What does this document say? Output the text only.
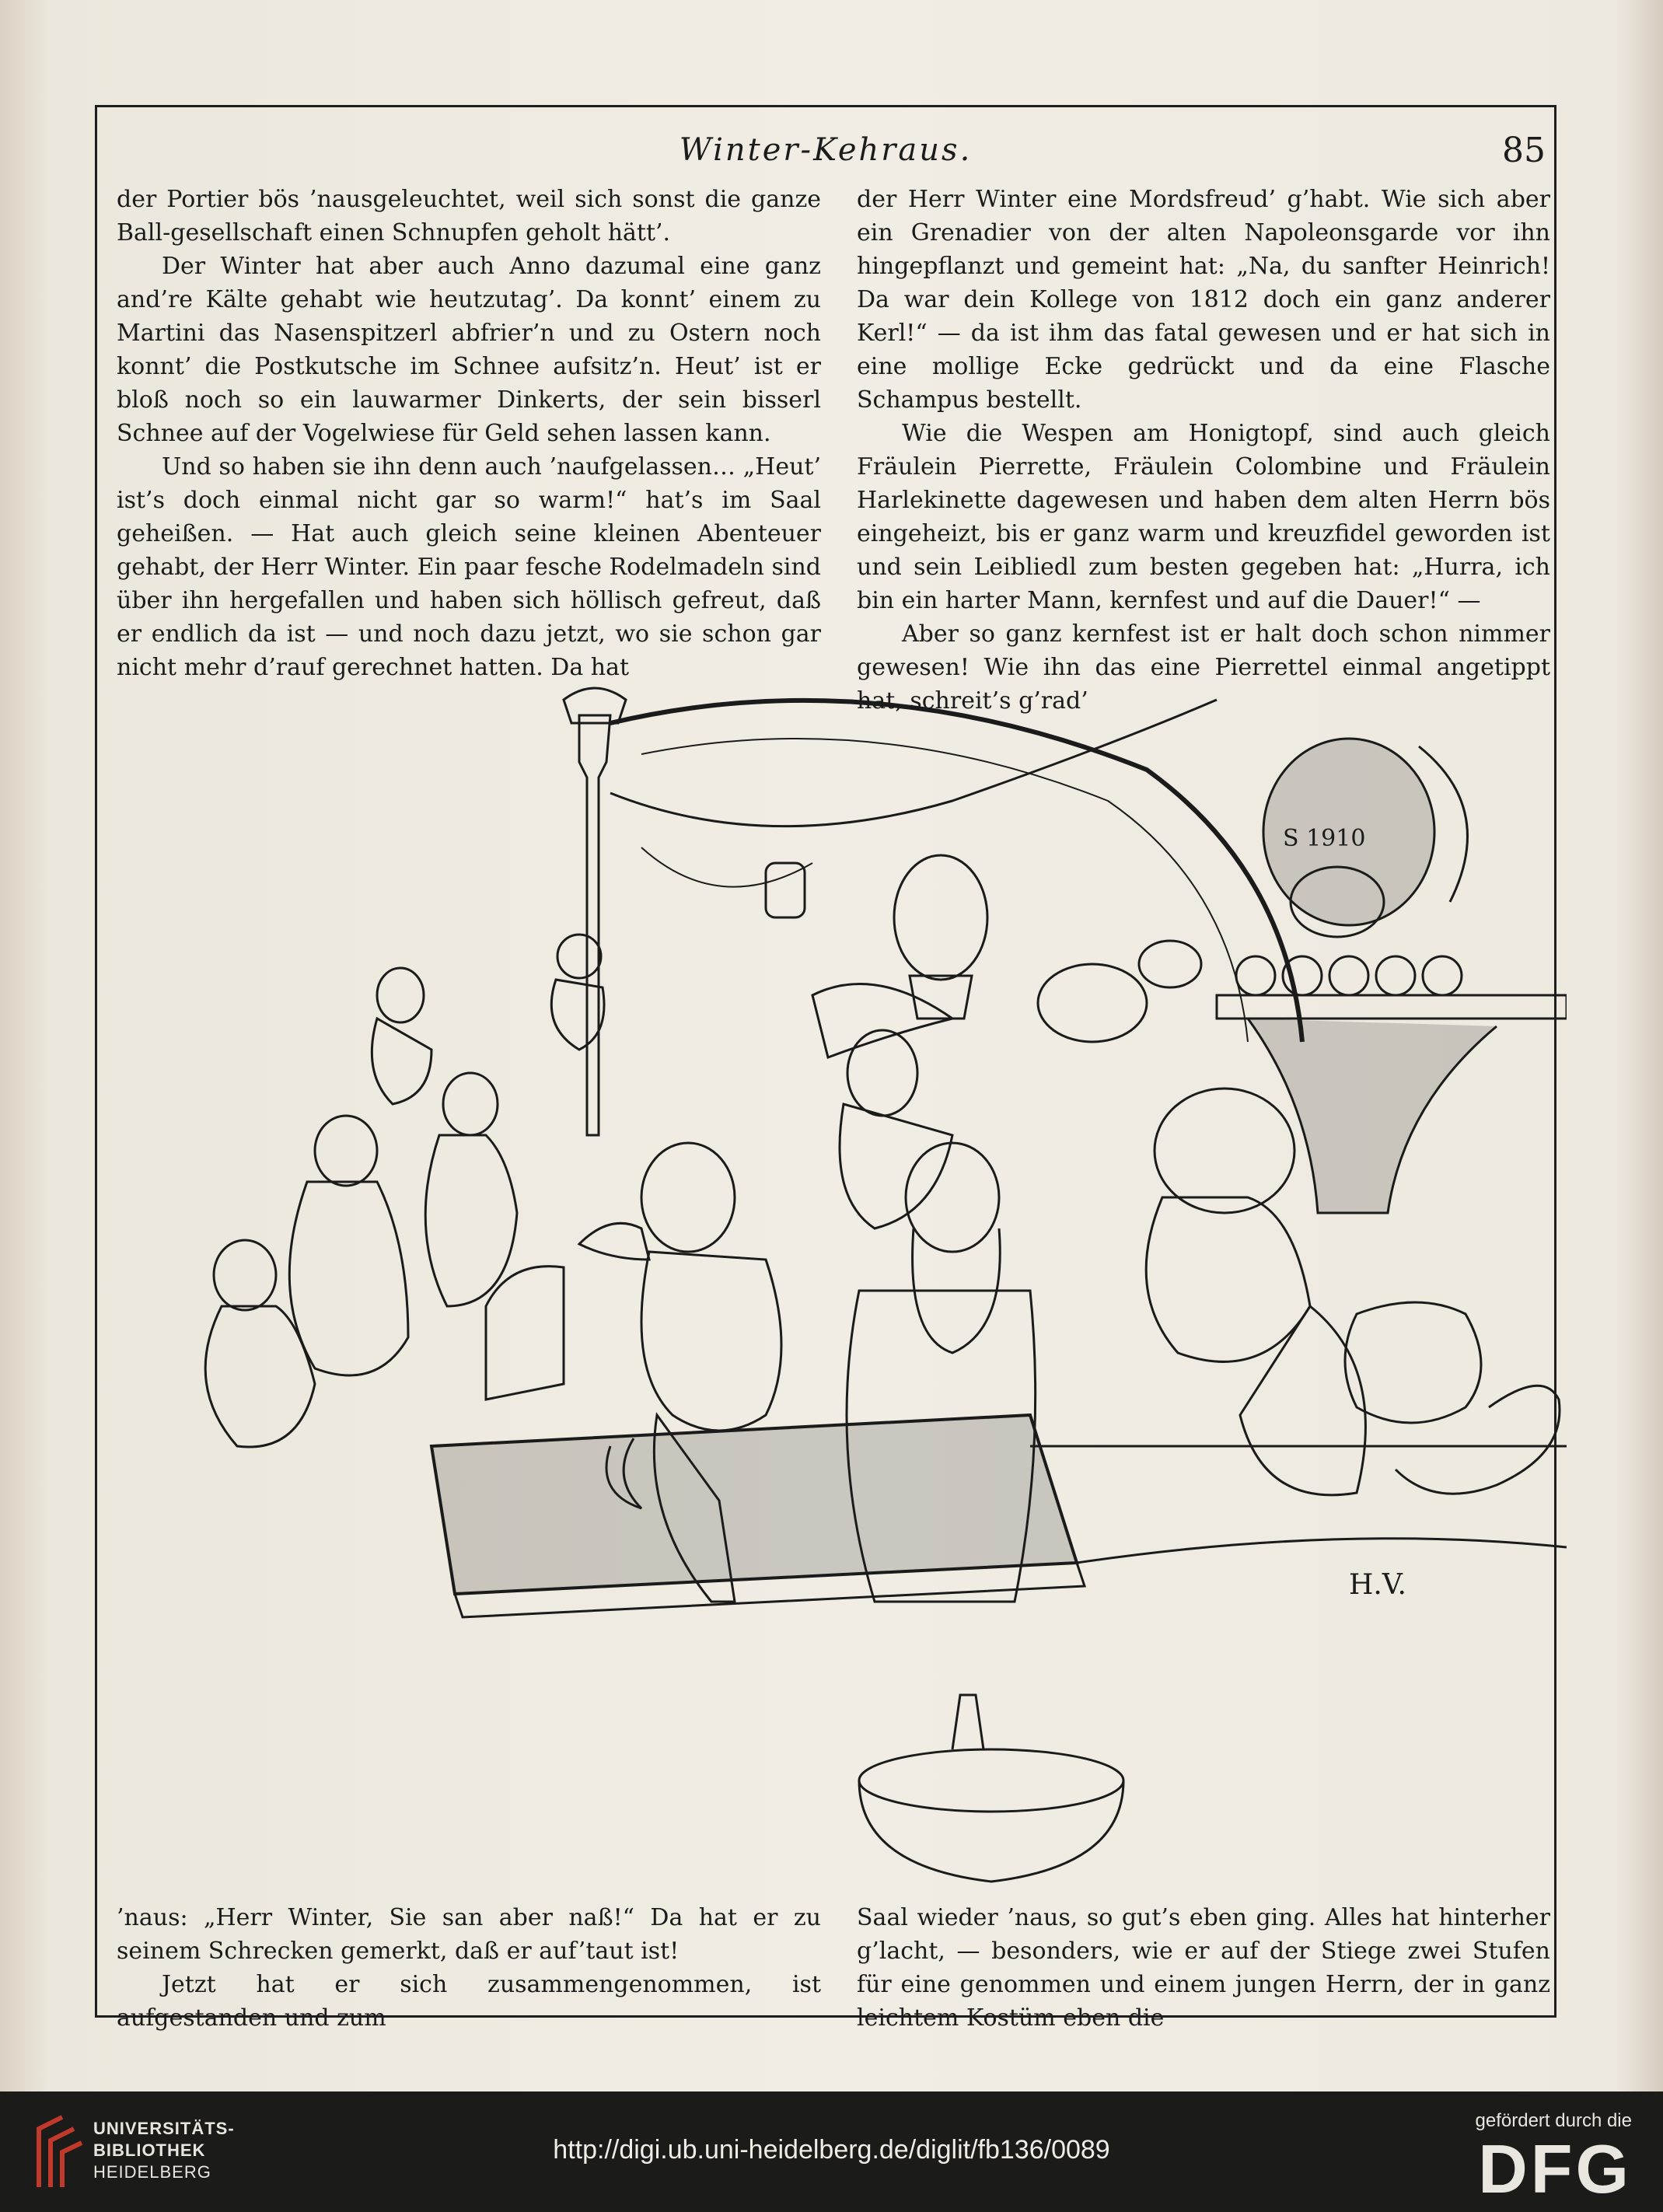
Winter-Kehraus.	85

der Portier bös ’nausgeleuchtet, weil sich sonst die ganze Ball-gesellschaft einen Schnupfen geholt hätt’.

Der Winter hat aber auch Anno dazumal eine ganz and’re Kälte gehabt wie heutzutag’. Da konnt’ einem zu Martini das Nasenspitzerl abfrier’n und zu Ostern noch konnt’ die Postkutsche im Schnee aufsitz’n. Heut’ ist er bloß noch so ein lauwarmer Dinkerts, der sein bisserl Schnee auf der Vogelwiese für Geld sehen lassen kann.

Und so haben sie ihn denn auch ’naufgelassen… „Heut’ ist’s doch einmal nicht gar so warm!“ hat’s im Saal geheißen. — Hat auch gleich seine kleinen Abenteuer gehabt, der Herr Winter. Ein paar fesche Rodelmadeln sind über ihn hergefallen und haben sich höllisch gefreut, daß er endlich da ist — und noch dazu jetzt, wo sie schon gar nicht mehr d’rauf gerechnet hatten. Da hat

der Herr Winter eine Mordsfreud’ g’habt. Wie sich aber ein Grenadier von der alten Napoleonsgarde vor ihn hingepflanzt und gemeint hat: „Na, du sanfter Heinrich! Da war dein Kollege von 1812 doch ein ganz anderer Kerl!“ — da ist ihm das fatal gewesen und er hat sich in eine mollige Ecke gedrückt und da eine Flasche Schampus bestellt.

Wie die Wespen am Honigtopf, sind auch gleich Fräulein Pierrette, Fräulein Colombine und Fräulein Harlekinette dagewesen und haben dem alten Herrn bös eingeheizt, bis er ganz warm und kreuzfidel geworden ist und sein Leibliedl zum besten gegeben hat: „Hurra, ich bin ein harter Mann, kernfest und auf die Dauer!“ —

Aber so ganz kernfest ist er halt doch schon nimmer gewesen! Wie ihn das eine Pierrettel einmal angetippt hat, schreit’s g’rad’

S 1910
H.V.

’naus: „Herr Winter, Sie san aber naß!“ Da hat er zu seinem Schrecken gemerkt, daß er auf’taut ist!

Jetzt hat er sich zusammengenommen, ist aufgestanden und zum

Saal wieder ’naus, so gut’s eben ging. Alles hat hinterher g’lacht, — besonders, wie er auf der Stiege zwei Stufen für eine genommen und einem jungen Herrn, der in ganz leichtem Kostüm eben die

UNIVERSITÄTS-
BIBLIOTHEK
HEIDELBERG
http://digi.ub.uni-heidelberg.de/diglit/fb136/0089
gefördert durch die
DFG
